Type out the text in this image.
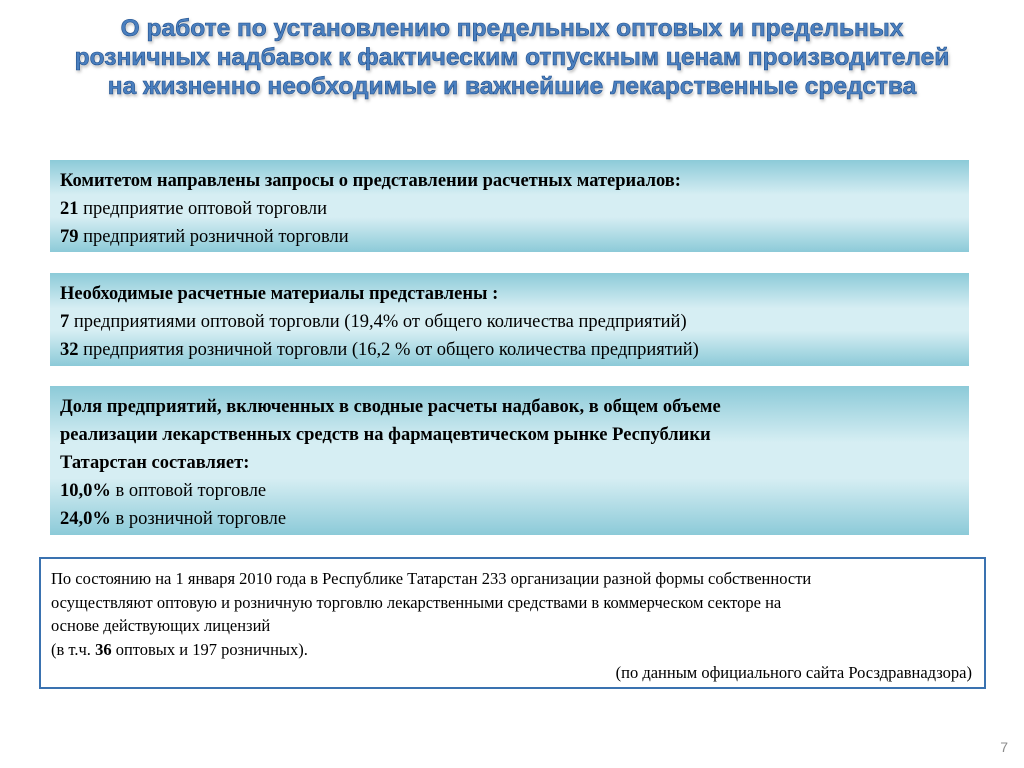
О работе по установлению предельных оптовых и предельных
розничных надбавок к фактическим отпускным ценам производителей
на жизненно необходимые и важнейшие лекарственные средства
Комитетом направлены запросы о представлении расчетных материалов:
21 предприятие оптовой торговли
79 предприятий розничной торговли
Необходимые расчетные материалы представлены :
7 предприятиями оптовой торговли (19,4% от общего количества предприятий)
32 предприятия розничной торговли (16,2 % от общего количества предприятий)
Доля предприятий, включенных в сводные расчеты надбавок, в общем объеме
реализации лекарственных средств на фармацевтическом рынке Республики
Татарстан составляет:
10,0% в оптовой торговле
24,0% в розничной торговле
По состоянию на 1 января 2010 года в Республике Татарстан 233 организации разной формы собственности
осуществляют оптовую и розничную торговлю лекарственными средствами в коммерческом секторе на
основе действующих лицензий
(в т.ч. 36 оптовых и 197 розничных).
(по данным официального сайта Росздравнадзора)
7
